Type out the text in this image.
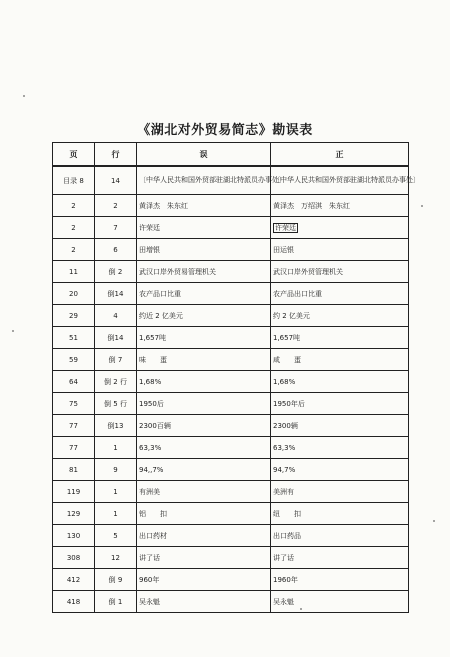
《湖北对外贸易简志》勘误表
页	行	误	正
目录 8	14	〔中华人民共和国外贸部驻湖北特派员办事处〕	〔中华人民共和国外贸部驻湖北特派员办事处〕
2	2	黄泽杰　朱东红	黄泽杰　万绍淇　朱东红
2	7	许荣廷	许荣廷
2	6	田增银	田运银
11	倒 2	武汉口岸外贸易管理机关	武汉口岸外贸管理机关
20	倒14	农产品口比重	农产品出口比重
29	4	约近 2 亿美元	约 2 亿美元
51	倒14	1,657吨	1,657吨
59	倒 7	味　　蛋	咸　　蛋
64	倒 2 行	1,68%	1,68%
75	倒 5 行	1950后	1950年后
77	倒13	2300百辆	2300辆
77	1	63,3%	63,3%
81	9	94,,7%	94,7%
119	1	有洲美	美洲有
129	1	铝　　扣	纽　　扣
130	5	出口药材	出口药品
308	12	讲了话	讲了话
412	倒 9	960年	1960年
418	倒 1	吴永魁	吴永魁
